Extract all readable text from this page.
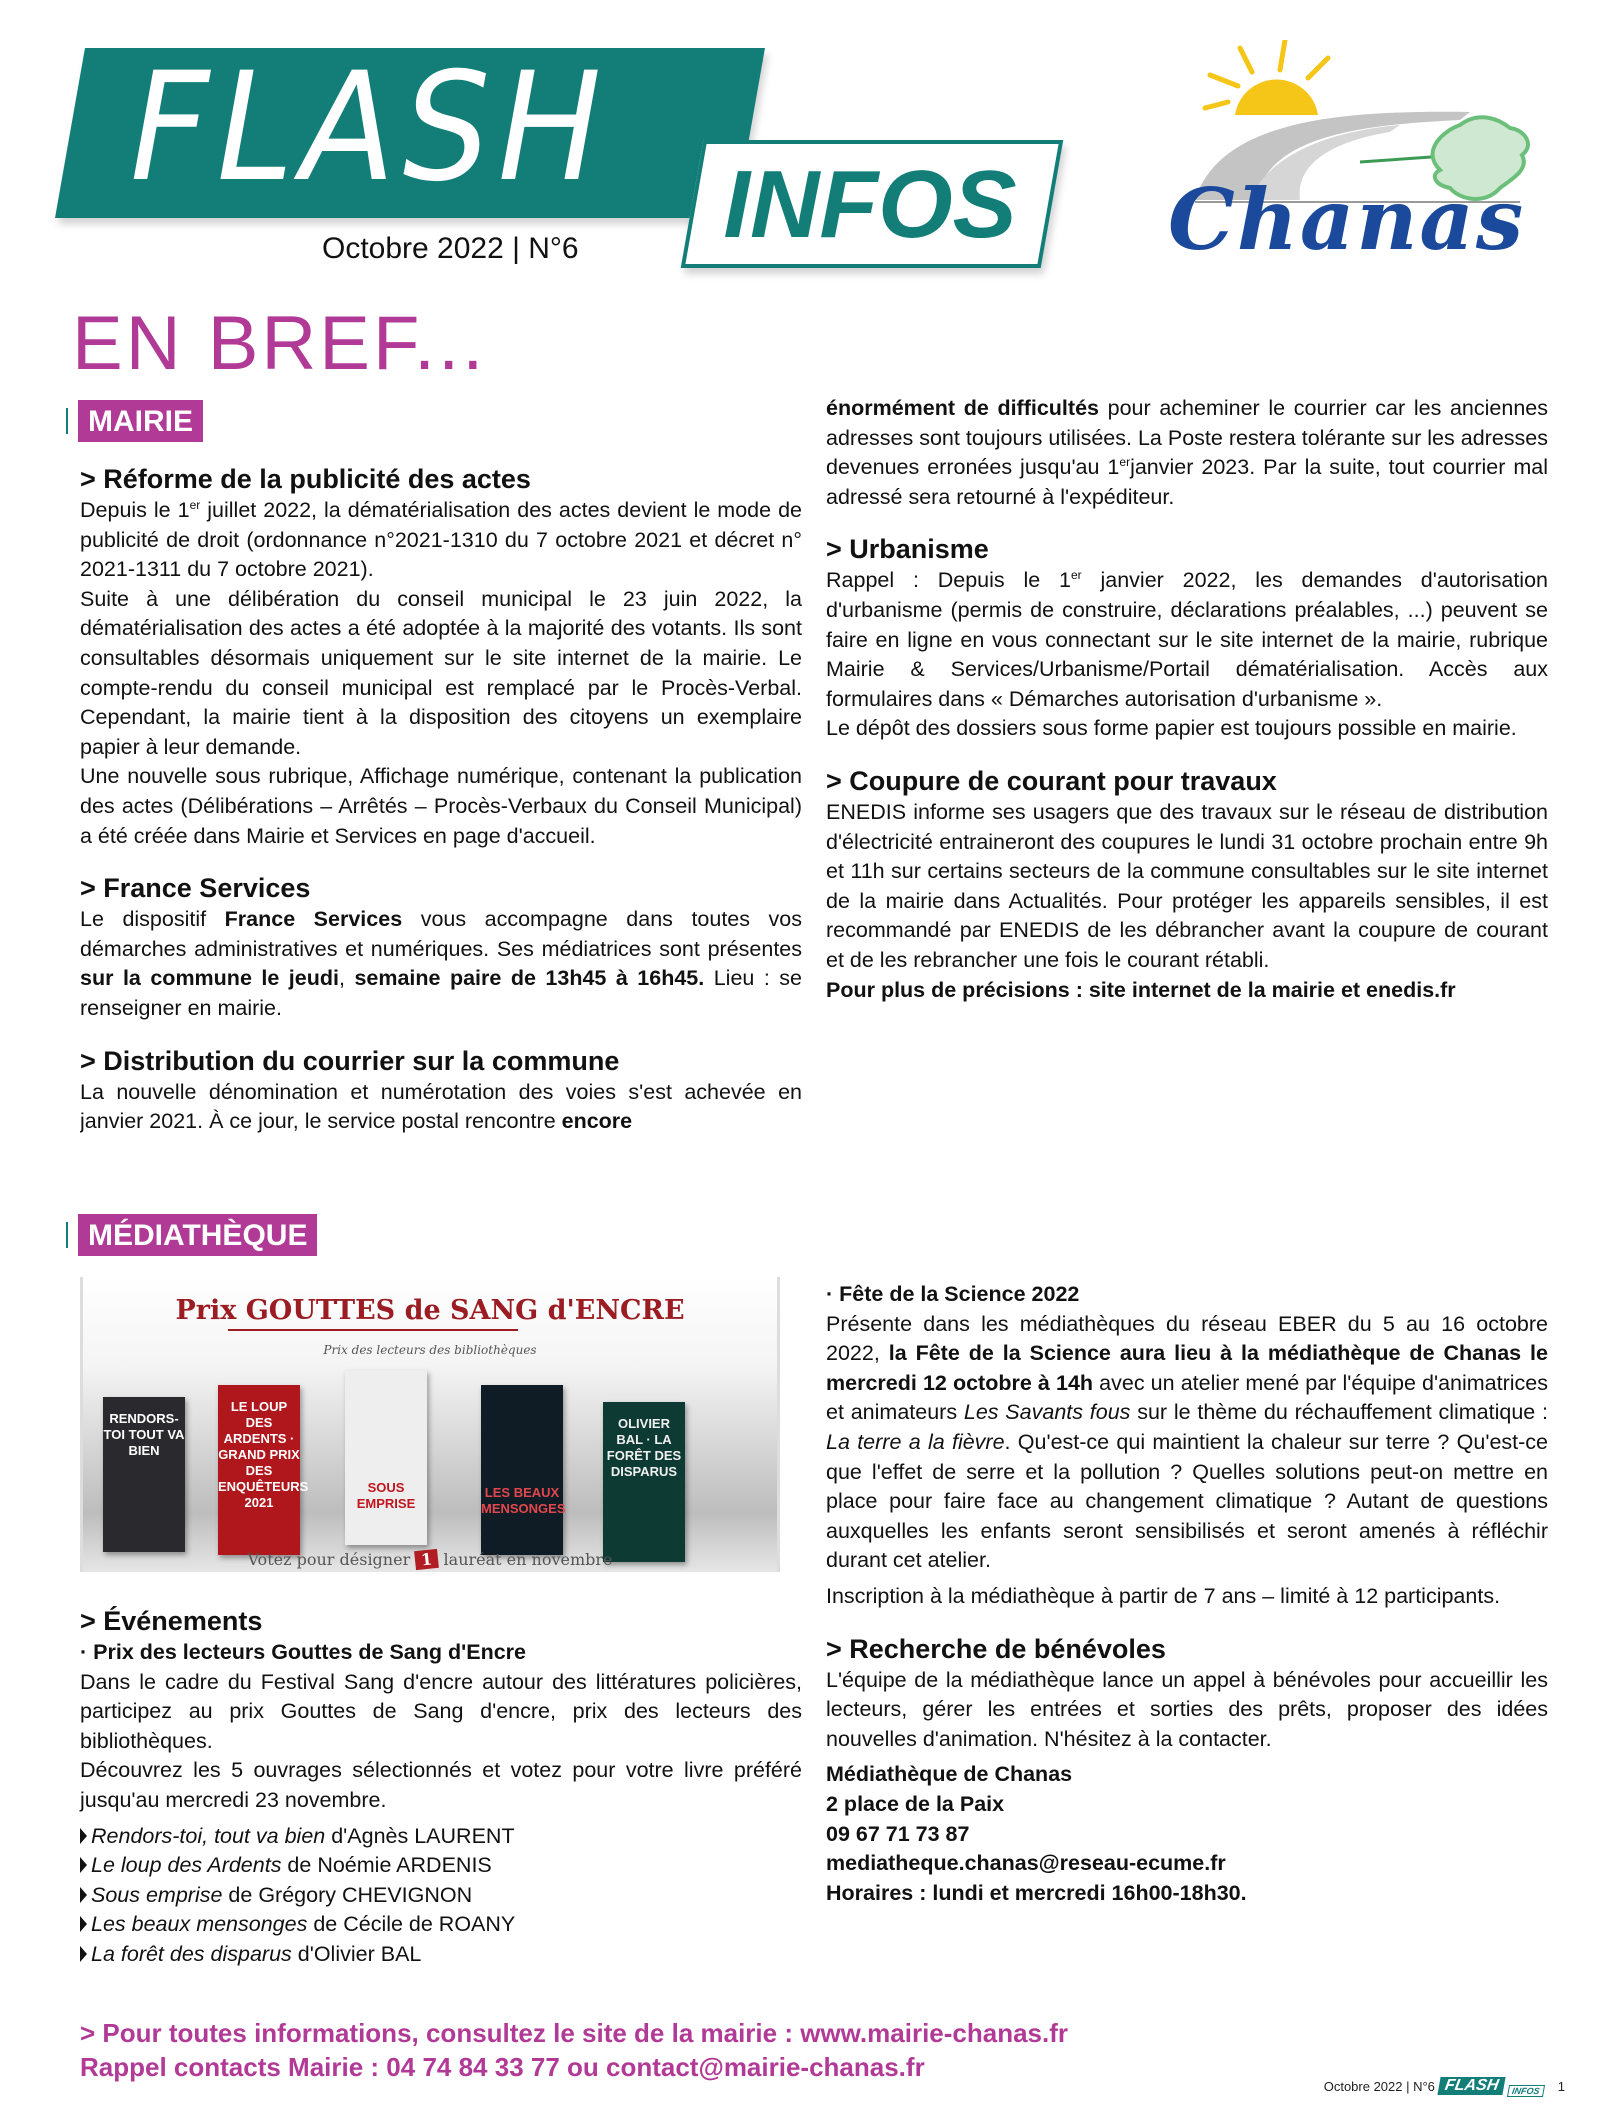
FLASH	INFOS
Octobre 2022 | N°6	Chanas
EN BREF...
MAIRIE
> Réforme de la publicité des actes

Depuis le 1er juillet 2022, la dématérialisation des actes devient le mode de publicité de droit (ordonnance n°2021-1310 du 7 octobre 2021 et décret n° 2021-1311 du 7 octobre 2021).

Suite à une délibération du conseil municipal le 23 juin 2022, la dématérialisation des actes a été adoptée à la majorité des votants. Ils sont consultables désormais uniquement sur le site internet de la mairie. Le compte-rendu du conseil municipal est remplacé par le Procès-Verbal. Cependant, la mairie tient à la disposition des citoyens un exemplaire papier à leur demande.

Une nouvelle sous rubrique, Affichage numérique, contenant la publication des actes (Délibérations – Arrêtés – Procès-Verbaux du Conseil Municipal) a été créée dans Mairie et Services en page d'accueil.

> France Services

Le dispositif France Services vous accompagne dans toutes vos démarches administratives et numériques. Ses médiatrices sont présentes sur la commune le jeudi, semaine paire de 13h45 à 16h45. Lieu : se renseigner en mairie.

> Distribution du courrier sur la commune

La nouvelle dénomination et numérotation des voies s'est achevée en janvier 2021. À ce jour, le service postal rencontre encore

énormément de difficultés pour acheminer le courrier car les anciennes adresses sont toujours utilisées. La Poste restera tolérante sur les adresses devenues erronées jusqu'au 1erjanvier 2023. Par la suite, tout courrier mal adressé sera retourné à l'expéditeur.

> Urbanisme

Rappel : Depuis le 1er janvier 2022, les demandes d'autorisation d'urbanisme (permis de construire, déclarations préalables, ...) peuvent se faire en ligne en vous connectant sur le site internet de la mairie, rubrique Mairie & Services/Urbanisme/Portail dématérialisation. Accès aux formulaires dans « Démarches autorisation d'urbanisme ».

Le dépôt des dossiers sous forme papier est toujours possible en mairie.

> Coupure de courant pour travaux

ENEDIS informe ses usagers que des travaux sur le réseau de distribution d'électricité entraineront des coupures le lundi 31 octobre prochain entre 9h et 11h sur certains secteurs de la commune consultables sur le site internet de la mairie dans Actualités. Pour protéger les appareils sensibles, il est recommandé par ENEDIS de les débrancher avant la coupure de courant et de les rebrancher une fois le courant rétabli.

Pour plus de précisions : site internet de la mairie et enedis.fr

MÉDIATHÈQUE
Prix GOUTTES de SANG d'ENCRE
Prix des lecteurs des bibliothèques
RENDORS-TOI TOUT VA BIEN
LE LOUP DES ARDENTS · GRAND PRIX DES ENQUÊTEURS 2021
SOUS EMPRISE
LES BEAUX MENSONGES
OLIVIER BAL · LA FORÊT DES DISPARUS
Votez pour désigner 1 lauréat en novembre
> Événements

· Prix des lecteurs Gouttes de Sang d'Encre

Dans le cadre du Festival Sang d'encre autour des littératures policières, participez au prix Gouttes de Sang d'encre, prix des lecteurs des bibliothèques.

Découvrez les 5 ouvrages sélectionnés et votez pour votre livre préféré jusqu'au mercredi 23 novembre.

Rendors-toi, tout va bien d'Agnès LAURENT
Le loup des Ardents de Noémie ARDENIS
Sous emprise de Grégory CHEVIGNON
Les beaux mensonges de Cécile de ROANY
La forêt des disparus d'Olivier BAL

· Fête de la Science 2022

Présente dans les médiathèques du réseau EBER du 5 au 16 octobre 2022, la Fête de la Science aura lieu à la médiathèque de Chanas le mercredi 12 octobre à 14h avec un atelier mené par l'équipe d'animatrices et animateurs Les Savants fous sur le thème du réchauffement climatique : La terre a la fièvre. Qu'est-ce qui maintient la chaleur sur terre ? Qu'est-ce que l'effet de serre et la pollution ? Quelles solutions peut-on mettre en place pour faire face au changement climatique ? Autant de questions auxquelles les enfants seront sensibilisés et seront amenés à réfléchir durant cet atelier.

Inscription à la médiathèque à partir de 7 ans – limité à 12 participants.

> Recherche de bénévoles

L'équipe de la médiathèque lance un appel à bénévoles pour accueillir les lecteurs, gérer les entrées et sorties des prêts, proposer des idées nouvelles d'animation. N'hésitez à la contacter.

Médiathèque de Chanas

2 place de la Paix

09 67 71 73 87

mediatheque.chanas@reseau-ecume.fr

Horaires : lundi et mercredi 16h00-18h30.

> Pour toutes informations, consultez le site de la mairie : www.mairie-chanas.fr
Rappel contacts Mairie : 04 74 84 33 77 ou contact@mairie-chanas.fr
Octobre 2022 | N°6 FLASH	INFOS	1
